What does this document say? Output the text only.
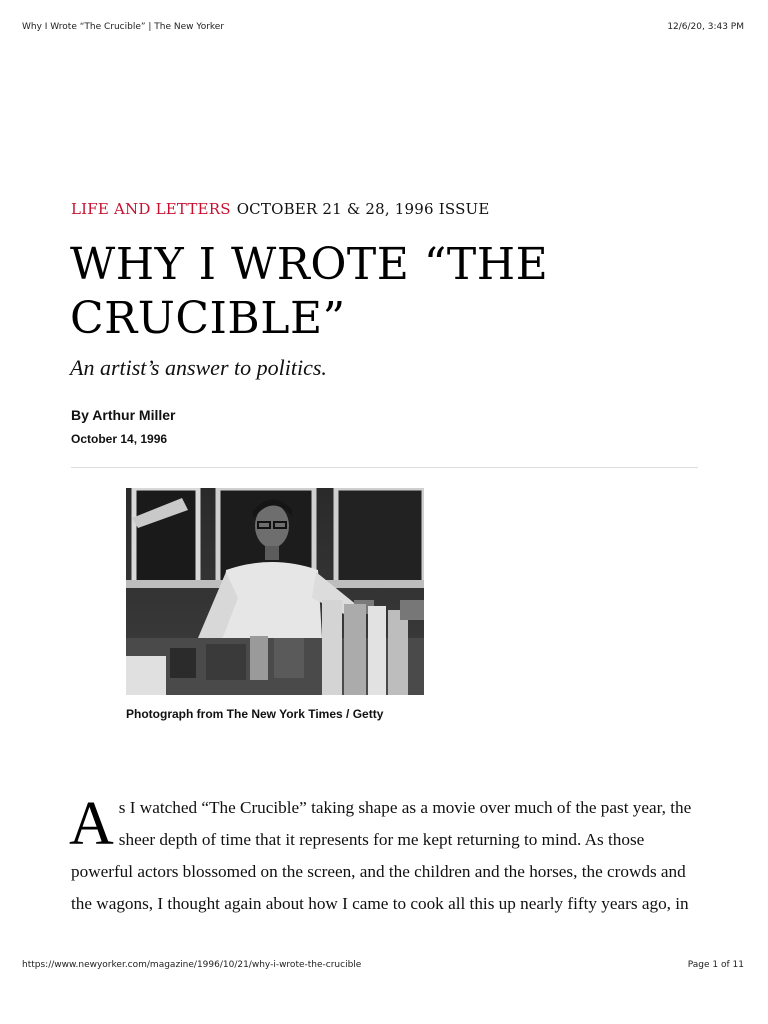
Why I Wrote “The Crucible” | The New Yorker	12/6/20, 3:43 PM
LIFE AND LETTERS OCTOBER 21 & 28, 1996 ISSUE
WHY I WROTE “THE
CRUCIBLE”

An artist’s answer to politics.

By Arthur Miller
October 14, 1996
Photograph from The New York Times / Getty
A s I watched “The Crucible” taking shape as a movie over much of the past year, the
sheer depth of time that it represents for me kept returning to mind. As those
powerful actors blossomed on the screen, and the children and the horses, the crowds and
the wagons, I thought again about how I came to cook all this up nearly fifty years ago, in
https://www.newyorker.com/magazine/1996/10/21/why-i-wrote-the-crucible	Page 1 of 11
